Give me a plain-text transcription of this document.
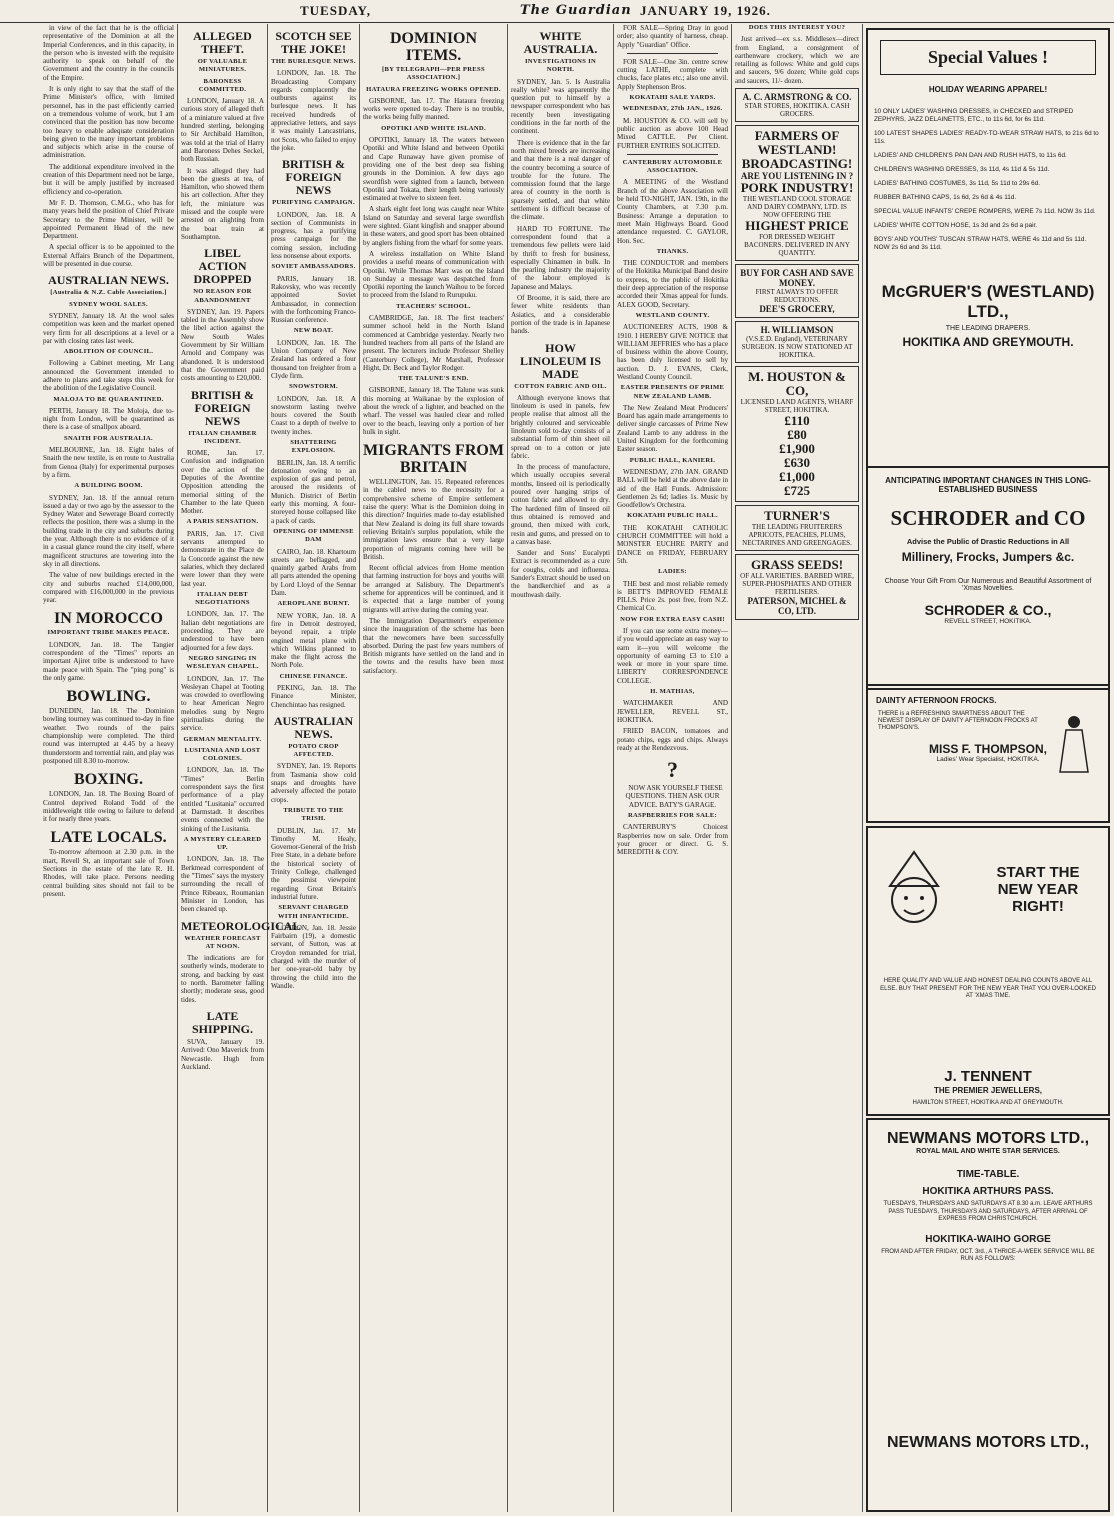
TUESDAY,	The Guardian JANUARY 19, 1926.

in view of the fact that he is the official representative of the Dominion at all the Imperial Conferences, and in this capacity, in the person who is invested with the requisite authority to speak on behalf of the Government and the country in the councils of the Empire.

It is only right to say that the staff of the Prime Minister's office, with limited personnel, has in the past efficiently carried on a tremendous volume of work, but I am convinced that the position has now become too heavy to enable adequate consideration being given to the many important problems and subjects which arise in the course of administration.

The additional expenditure involved in the creation of this Department need not be large, but it will be amply justified by increased efficiency and co-operation.

Mr F. D. Thomson, C.M.G., who has for many years held the position of Chief Private Secretary to the Prime Minister, will be appointed Permanent Head of the new Department.

A special officer is to be appointed to the External Affairs Branch of the Department, will be presented in due course.

AUSTRALIAN NEWS.
[Australia & N.Z. Cable Association.]
SYDNEY WOOL SALES.

SYDNEY, January 18. At the wool sales competition was keen and the market opened very firm for all descriptions at a level or a par with closing rates last week.

ABOLITION OF COUNCIL.

Following a Cabinet meeting, Mr Lang announced the Government intended to adhere to plans and take steps this week for the abolition of the Legislative Council.

MALOJA TO BE QUARANTINED.

PERTH, January 18. The Moloja, due to-night from London, will be quarantined as there is a case of smallpox aboard.

SNAITH FOR AUSTRALIA.

MELBOURNE, Jan. 18. Eight bales of Snaith the new textile, is en route to Australia from Genoa (Italy) for experimental purposes by a firm.

A BUILDING BOOM.

SYDNEY, Jan. 18. If the annual return issued a day or two ago by the assessor to the Sydney Water and Sewerage Board correctly reflects the position, there was a slump in the building trade in the city and suburbs during the year. Although there is no evidence of it in a casual glance round the city itself, where magnificent structures are towering into the sky in all directions.

The value of new buildings erected in the city and suburbs reached £14,000,000, compared with £16,000,000 in the previous year.

IN MOROCCO
IMPORTANT TRIBE MAKES PEACE.

LONDON, Jan. 18. The Tangier correspondent of the "Times" reports an important Ajiret tribe is understood to have made peace with Spain. The "ping pong" is the only game.

BOWLING.

DUNEDIN, Jan. 18. The Dominion bowling tourney was continued to-day in fine weather. Two rounds of the pairs championship were completed. The third round was interrupted at 4.45 by a heavy thunderstorm and torrential rain, and play was postponed till 8.30 to-morrow.

BOXING.

LONDON, Jan. 18. The Boxing Board of Control deprived Roland Todd of the middleweight title owing to failure to defend it for nearly three years.

LATE LOCALS.

To-morrow afternoon at 2.30 p.m. in the mart, Revell St, an important sale of Town Sections in the estate of the late R. H. Rhodes, will take place. Persons needing central building sites should not fail to be present.

ALLEGED THEFT.
OF VALUABLE MINIATURES.
BARONESS COMMITTED.

LONDON, January 18. A curious story of alleged theft of a miniature valued at five hundred sterling, belonging to Sir Archibald Hamilton, was told at the trial of Harry and Baroness Dehes Seckel, both Russian.

It was alleged they had been the guests at tea, of Hamilton, who showed them his art collection. After they left, the miniature was missed and the couple were arrested on alighting from the boat train at Southampton.

LIBEL ACTION DROPPED
NO REASON FOR ABANDONMENT

SYDNEY, Jan. 19. Papers tabled in the Assembly show the libel action against the New South Wales Government by Sir William Arnold and Company was abandoned. It is understood that the Government paid costs amounting to £20,000.

BRITISH & FOREIGN NEWS
ITALIAN CHAMBER INCIDENT.

ROME, Jan. 17. Confusion and indignation over the action of the Deputies of the Aventine Opposition attending the memorial sitting of the Chamber to the late Queen Mother.

A PARIS SENSATION.

PARIS, Jan. 17. Civil servants attempted to demonstrate in the Place de la Concorde against the new salaries, which they declared were lower than they were last year.

ITALIAN DEBT NEGOTIATIONS

LONDON, Jan. 17. The Italian debt negotiations are proceeding. They are understood to have been adjourned for a few days.

NEGRO SINGING IN WESLEYAN CHAPEL.

LONDON, Jan. 17. The Wesleyan Chapel at Tooting was crowded to overflowing to hear American Negro melodies sung by Negro spiritualists during the service.

GERMAN MENTALITY.
LUSITANIA AND LOST COLONIES.

LONDON, Jan. 18. The "Times" Berlin correspondent says the first performance of a play entitled "Lusitania" occurred at Darmstadt. It describes events connected with the sinking of the Lusitania.

A MYSTERY CLEARED UP.

LONDON, Jan. 18. The Berkmead correspondent of the "Times" says the mystery surrounding the recall of Prince Ribeaux, Roumanian Minister in London, has been cleared up.

METEOROLOGICAL
WEATHER FORECAST AT NOON.

The indications are for southerly winds, moderate to strong, and backing by east to north. Barometer falling shortly; moderate seas, good tides.

LATE SHIPPING.

SUVA, January 19. Arrived: Ono Maverick from Newcastle. Hugh from Auckland.

SCOTCH SEE THE JOKE!
THE BURLESQUE NEWS.

LONDON, Jan. 18. The Broadcasting Company regards complacently the outbursts against its burlesque news. It has received hundreds of appreciative letters, and says it was mainly Lancastrians, not Scots, who failed to enjoy the joke.

BRITISH & FOREIGN NEWS
PURIFYING CAMPAIGN.

LONDON, Jan. 18. A section of Communists in progress, has a purifying press campaign for the coming session, including less nonsense about exports.

SOVIET AMBASSADORS.

PARIS, January 18. Rakovsky, who was recently appointed Soviet Ambassador, in connection with the forthcoming Franco-Russian conference.

NEW BOAT.

LONDON, Jan. 18. The Union Company of New Zealand has ordered a four thousand ton freighter from a Clyde firm.

SNOWSTORM.

LONDON, Jan. 18. A snowstorm lasting twelve hours covered the South Coast to a depth of twelve to twenty inches.

SHATTERING EXPLOSION.

BERLIN, Jan. 18. A terrific detonation owing to an explosion of gas and petrol, aroused the residents of Munich. District of Berlin early this morning. A four-storeyed house collapsed like a pack of cards.

OPENING OF IMMENSE DAM

CAIRO, Jan. 18. Khartoum streets are beflagged, and quaintly garbed Arabs from all parts attended the opening by Lord Lloyd of the Sennar Dam.

AEROPLANE BURNT.

NEW YORK, Jan. 18. A fire in Detroit destroyed, beyond repair, a triple engined metal plane with which Wilkins planned to make the flight across the North Pole.

CHINESE FINANCE.

PEKING, Jan. 18. The Finance Minister, Chenchintao has resigned.

AUSTRALIAN NEWS.
POTATO CROP AFFECTED.

SYDNEY, Jan. 19. Reports from Tasmania show cold snaps and droughts have adversely affected the potato crops.

TRIBUTE TO THE TRISH.

DUBLIN, Jan. 17. Mr Timothy M. Healy, Governor-General of the Irish Free State, in a debate before the historical society of Trinity College, challenged the pessimist viewpoint regarding Great Britain's industrial future.

SERVANT CHARGED WITH INFANTICIDE.

LONDON, Jan. 18. Jessie Fairbairn (19), a domestic servant, of Sutton, was at Croydon remanded for trial, charged with the murder of her one-year-old baby by throwing the child into the Wandle.

DOMINION ITEMS.
[BY TELEGRAPH—PER PRESS ASSOCIATION.]
HATAURA FREEZING WORKS OPENED.

GISBORNE, Jan. 17. The Hataura freezing works were opened to-day. There is no trouble, the works being fully manned.

OPOTIKI AND WHITE ISLAND.

OPOTIKI, January 18. The waters between Opotiki and White Island and between Opotiki and Cape Runaway have given promise of providing one of the best deep sea fishing grounds in the Dominion. A few days ago swordfish were sighted from a launch, between Opotiki and Tokata, their length being variously estimated at twelve to sixteen feet.

A shark eight feet long was caught near White Island on Saturday and several large swordfish were sighted. Giant kingfish and snapper abound in these waters, and good sport has been obtained by anglers fishing from the wharf for some years.

A wireless installation on White Island provides a useful means of communication with Opotiki. While Thomas Marr was on the Island on Sunday a message was despatched from Opotiki reporting the launch Waihou to be forced to proceed from the Island to Rurupuku.

TEACHERS' SCHOOL.

CAMBRIDGE, Jan. 18. The first teachers' summer school held in the North Island commenced at Cambridge yesterday. Nearly two hundred teachers from all parts of the Island are present. The lecturers include Professor Shelley (Canterbury College), Mr Marshall, Professor Hight, Dr. Beck and Taylor Rodger.

THE TALUNE'S END.

GISBORNE, January 18. The Talune was sunk this morning at Waikanae by the explosion of about the wreck of a lighter, and beached on the wharf. The vessel was hauled clear and rolled over to the beach, leaving only a portion of her hulk in sight.

MIGRANTS FROM BRITAIN

WELLINGTON, Jan. 15. Repeated references in the cabled news to the necessity for a comprehensive scheme of Empire settlement raise the query: What is the Dominion doing in this direction? Inquiries made to-day established that New Zealand is doing its full share towards relieving Britain's surplus population, while the immigration laws ensure that a very large proportion of migrants coming here will be British.

Recent official advices from Home mention that farming instruction for boys and youths will be arranged at Salisbury. The Department's scheme for apprentices will be continued, and it is expected that a large number of young migrants will arrive during the coming year.

The Immigration Department's experience since the inauguration of the scheme has been that the newcomers have been successfully absorbed. During the past few years numbers of British migrants have settled on the land and in the towns and the results have been most satisfactory.

WHITE AUSTRALIA.
INVESTIGATIONS IN NORTH.

SYDNEY, Jan. 5. Is Australia really white? was apparently the question put to himself by a newspaper correspondent who has recently been investigating conditions in the far north of the continent.

There is evidence that in the far north mixed breeds are increasing and that there is a real danger of the country becoming a source of trouble for the future. The commission found that the large area of country in the north is sparsely settled, and that white settlement is difficult because of the climate.

HARD TO FORTUNE. The correspondent found that a tremendous few pellets were laid by thrift to fresh for business, especially Chinamen in bulk. In the pearling industry the majority of the labour employed is Japanese and Malays.

Of Broome, it is said, there are fewer white residents than Asiatics, and a considerable portion of the trade is in Japanese hands.

HOW LINOLEUM IS MADE
COTTON FABRIC AND OIL.

Although everyone knows that linoleum is used in panels, few people realise that almost all the brightly coloured and serviceable linoleum sold to-day consists of a substantial form of thin sheet oil spread on to a cotton or jute fabric.

In the process of manufacture, which usually occupies several months, linseed oil is periodically poured over hanging strips of cotton fabric and allowed to dry. The hardened film of linseed oil thus obtained is removed and ground, then mixed with cork, resin and gums, and pressed on to a canvas base.

Sander and Sons' Eucalypti Extract is recommended as a cure for coughs, colds and influenza. Sander's Extract should be used on the handkerchief and as a mouthwash daily.

FOR SALE—Spring Dray in good order; also quantity of harness, cheap. Apply "Guardian" Office.

FOR SALE—One 3in. centre screw cutting LATHE, complete with chucks, face plates etc.; also one anvil. Apply Stephenson Bros.

KOKATAHI SALE YARDS.
WEDNESDAY, 27th JAN., 1926.

M. HOUSTON & CO. will sell by public auction as above 100 Head Mixed CATTLE. Per Client. FURTHER ENTRIES SOLICITED.

CANTERBURY AUTOMOBILE ASSOCIATION.

A MEETING of the Westland Branch of the above Association will be held TO-NIGHT, JAN. 19th, in the County Chambers, at 7.30 p.m. Business: Arrange a deputation to meet Main Highways Board. Good attendance requested. C. GAYLOR, Hon. Sec.

THANKS.

THE CONDUCTOR and members of the Hokitika Municipal Band desire to express, to the public of Hokitika their deep appreciation of the response accorded their 'Xmas appeal for funds. ALEX GOOD, Secretary.

WESTLAND COUNTY.

AUCTIONEERS' ACTS, 1908 & 1910. I HEREBY GIVE NOTICE that WILLIAM JEFFRIES who has a place of business within the above County, has been duly licensed to sell by auction. D. J. EVANS, Clerk, Westland County Council.

EASTER PRESENTS OF PRIME NEW ZEALAND LAMB.

The New Zealand Meat Producers' Board has again made arrangements to deliver single carcasses of Prime New Zealand Lamb to any address in the United Kingdom for the forthcoming Easter season.

PUBLIC HALL, KANIERI.

WEDNESDAY, 27th JAN. GRAND BALL will be held at the above date in aid of the Hall Funds. Admission: Gentlemen 2s 6d; ladies 1s. Music by Goodfellow's Orchestra.

KOKATAHI PUBLIC HALL.

THE KOKATAHI CATHOLIC CHURCH COMMITTEE will hold a MONSTER EUCHRE PARTY and DANCE on FRIDAY, FEBRUARY 5th.

LADIES:

THE best and most reliable remedy is BETT'S IMPROVED FEMALE PILLS. Price 2s. post free, from N.Z. Chemical Co.

NOW FOR EXTRA EASY CASH!

If you can use some extra money—if you would appreciate an easy way to earn it—you will welcome the opportunity of earning £3 to £10 a week or more in your spare time. LIBERTY CORRESPONDENCE COLLEGE.

H. MATHIAS,

WATCHMAKER AND JEWELLER, REVELL ST., HOKITIKA.

FRIED BACON, tomatoes and potato chips, eggs and chips. Always ready at the Rendezvous.

?

NOW ASK YOURSELF THESE QUESTIONS. THEN ASK OUR ADVICE. BATY'S GARAGE.

RASPBERRIES FOR SALE:

CANTERBURY'S Choicest Raspberries now on sale. Order from your grocer or direct. G. S. MEREDITH & COY.

DOES THIS INTEREST YOU?

Just arrived—ex s.s. Middlesex—direct from England, a consignment of earthenware crockery, which we are retailing as follows: White and gold cups and saucers, 9/6 dozen; White gold cups and saucers, 11/- dozen.

A. C. ARMSTRONG & CO.
STAR STORES, HOKITIKA. CASH GROCERS.
FARMERS OF WESTLAND!
BROADCASTING!
ARE YOU LISTENING IN ?
PORK INDUSTRY!
THE WESTLAND COOL STORAGE AND DAIRY COMPANY, LTD. IS NOW OFFERING THE
HIGHEST PRICE
FOR DRESSED WEIGHT BACONERS. DELIVERED IN ANY QUANTITY.
BUY FOR CASH AND SAVE MONEY.
FIRST ALWAYS TO OFFER REDUCTIONS.
DEE'S GROCERY,
H. WILLIAMSON
(V.S.E.D. England), VETERINARY SURGEON. IS NOW STATIONED AT HOKITIKA.
M. HOUSTON & CO,
LICENSED LAND AGENTS, WHARF STREET, HOKITIKA.
£110
£80
£1,900
£630
£1,000
£725
TURNER'S
THE LEADING FRUITERERS
APRICOTS, PEACHES, PLUMS, NECTARINES AND GREENGAGES.
GRASS SEEDS!
OF ALL VARIETIES. BARBED WIRE, SUPER-PHOSPHATES AND OTHER FERTILISERS.
PATERSON, MICHEL & CO, LTD.
Special Values !
HOLIDAY WEARING APPAREL!
10 ONLY LADIES' WASHING DRESSES, in CHECKED and STRIPED ZEPHYRS, JAZZ DELAINETTS, ETC., to 11s 6d, for 6s 11d.
100 LATEST SHAPES LADIES' READY-TO-WEAR STRAW HATS, to 21s 6d to 11s.
LADIES' AND CHILDREN'S PAN DAN AND RUSH HATS, to 11s 6d.
CHILDREN'S WASHING DRESSES, 3s 11d, 4s 11d & 5s 11d.
LADIES' BATHING COSTUMES, 3s 11d, 5s 11d to 29s 6d.
RUBBER BATHING CAPS, 1s 6d, 2s 6d & 4s 11d.
SPECIAL VALUE INFANTS' CREPE ROMPERS, WERE 7s 11d. NOW 3s 11d.
LADIES' WHITE COTTON HOSE, 1s 3d and 2s 6d a pair.
BOYS' AND YOUTHS' TUSCAN STRAW HATS, WERE 4s 11d and 5s 11d. NOW 2s 6d and 3s 11d.
McGRUER'S (WESTLAND) LTD.,
THE LEADING DRAPERS.
HOKITIKA AND GREYMOUTH.
ANTICIPATING IMPORTANT CHANGES IN THIS LONG-ESTABLISHED BUSINESS
SCHRODER and CO
Advise the Public of Drastic Reductions in All
Millinery, Frocks, Jumpers &c.
Choose Your Gift From Our Numerous and Beautiful Assortment of 'Xmas Novelties.
SCHRODER & CO.,
REVELL STREET, HOKITIKA.
DAINTY AFTERNOON FROCKS.
THERE is a REFRESHING SMARTNESS ABOUT THE NEWEST DISPLAY OF DAINTY AFTERNOON FROCKS AT THOMPSON'S.
MISS F. THOMPSON,
Ladies' Wear Specialist, HOKITIKA.
START THE NEW YEAR RIGHT!
HERE QUALITY AND VALUE AND HONEST DEALING COUNTS ABOVE ALL ELSE. BUY THAT PRESENT FOR THE NEW YEAR THAT YOU OVER-LOOKED AT 'XMAS TIME.
J. TENNENT
THE PREMIER JEWELLERS,
HAMILTON STREET, HOKITIKA AND AT GREYMOUTH.
NEWMANS MOTORS LTD.,
ROYAL MAIL AND WHITE STAR SERVICES.
TIME-TABLE.
HOKITIKA ARTHURS PASS.
TUESDAYS, THURSDAYS AND SATURDAYS AT 8.30 a.m. LEAVE ARTHURS PASS TUESDAYS, THURSDAYS AND SATURDAYS, AFTER ARRIVAL OF EXPRESS FROM CHRISTCHURCH.
HOKITIKA-WAIHO GORGE
FROM AND AFTER FRIDAY, OCT. 3rd., A THRICE-A-WEEK SERVICE WILL BE RUN AS FOLLOWS:
NEWMANS MOTORS LTD.,
